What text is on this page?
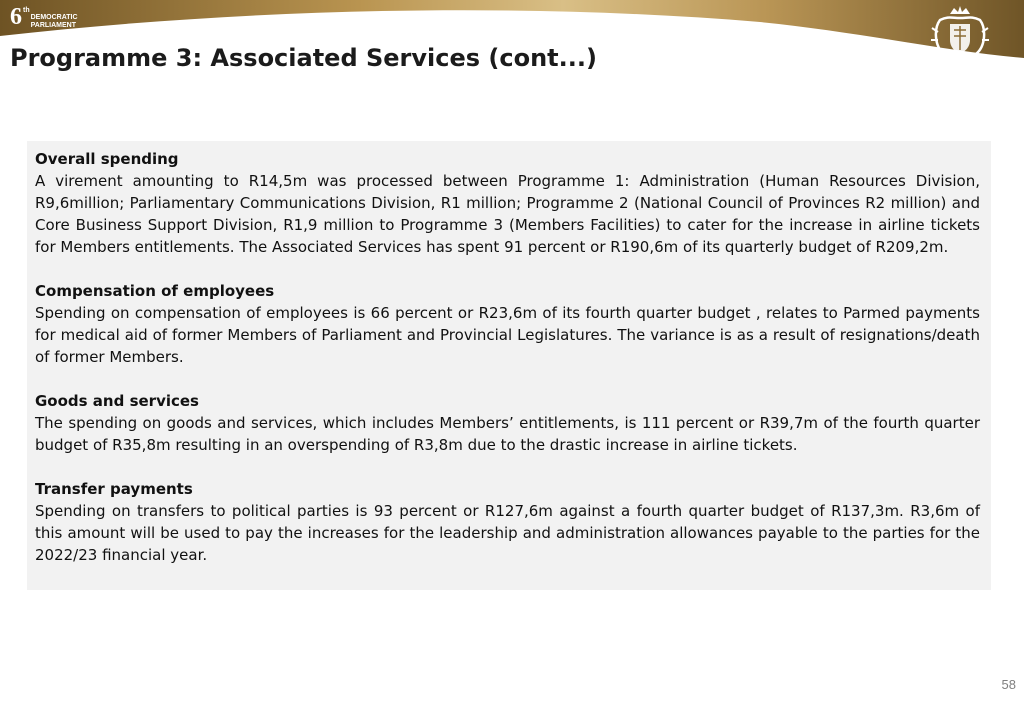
6 th
DEMOCRATIC
PARLIAMENT
PARLIAMENT
OF THE REPUBLIC OF SOUTH AFRICA
Programme 3: Associated Services (cont...)
Overall spending

A virement amounting to R14,5m was processed between Programme 1: Administration (Human Resources Division, R9,6million; Parliamentary Communications Division, R1 million; Programme 2 (National Council of Provinces R2 million) and Core Business Support Division, R1,9 million to Programme 3 (Members Facilities) to cater for the increase in airline tickets for Members entitlements. The Associated Services has spent 91 percent or R190,6m of its quarterly budget of R209,2m.

Compensation of employees

Spending on compensation of employees is 66 percent or R23,6m of its fourth quarter budget , relates to Parmed payments for medical aid of former Members of Parliament and Provincial Legislatures. The variance is as a result of resignations/death of former Members.

Goods and services

The spending on goods and services, which includes Members’ entitlements, is 111 percent or R39,7m of the fourth quarter budget of R35,8m resulting in an overspending of R3,8m due to the drastic increase in airline tickets.

Transfer payments

Spending on transfers to political parties is 93 percent or R127,6m against a fourth quarter budget of R137,3m. R3,6m of this amount will be used to pay the increases for the leadership and administration allowances payable to the parties for the 2022/23 financial year.

58
